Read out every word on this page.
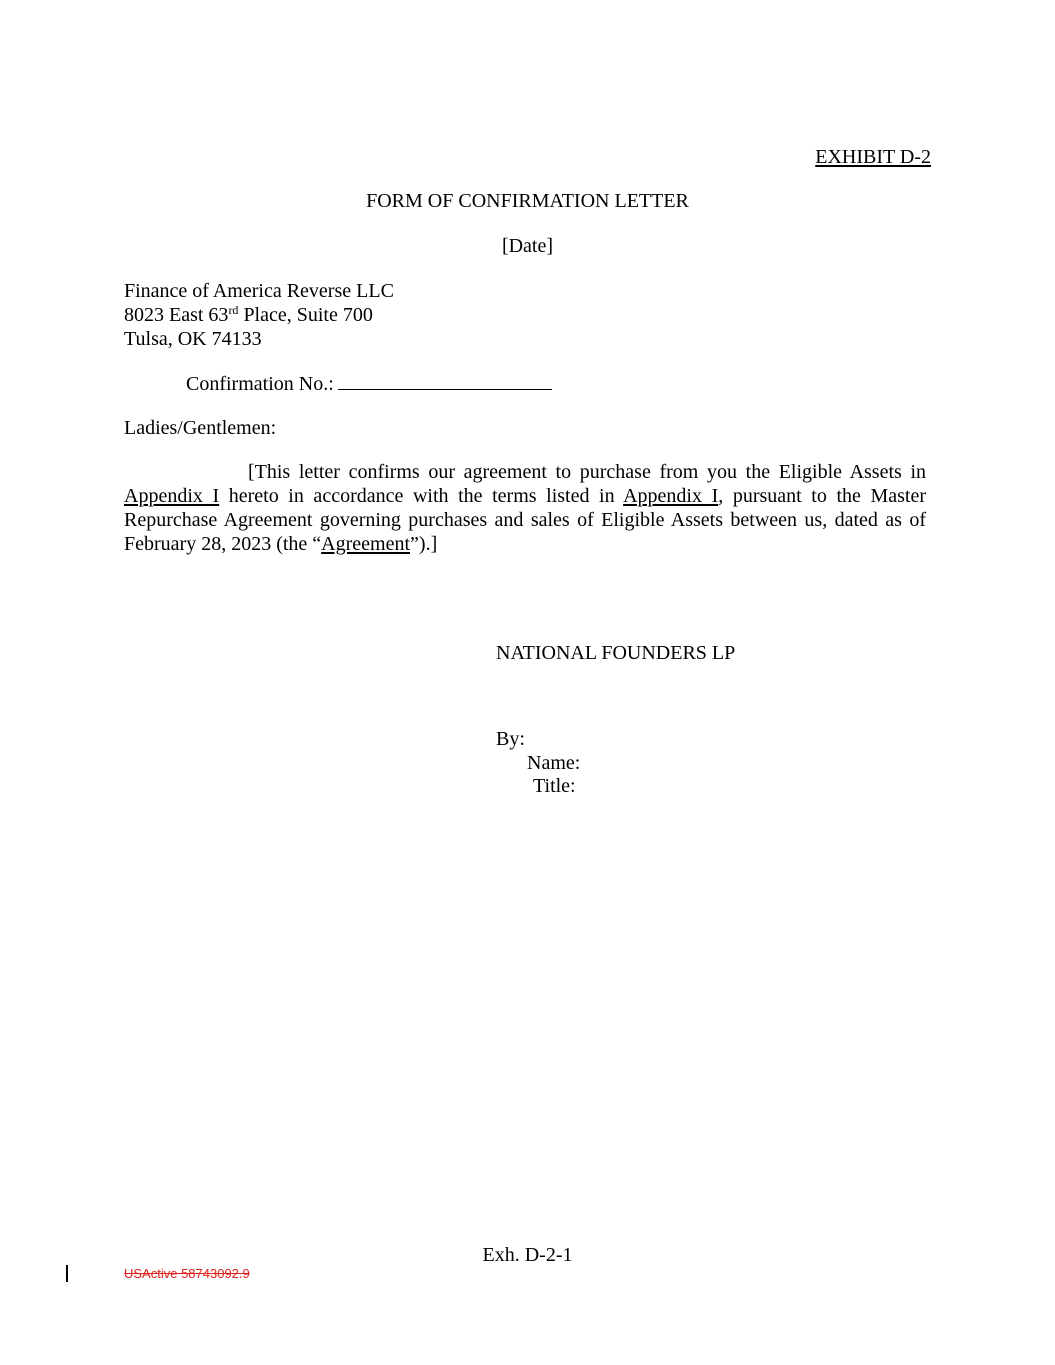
EXHIBIT D-2
FORM OF CONFIRMATION LETTER
[Date]
Finance of America Reverse LLC
8023 East 63rd Place, Suite 700
Tulsa, OK 74133
Confirmation No.:
Ladies/Gentlemen:
[This letter confirms our agreement to purchase from you the Eligible Assets in
Appendix I hereto in accordance with the terms listed in Appendix I, pursuant to the Master
Repurchase Agreement governing purchases and sales of Eligible Assets between us, dated as of
February 28, 2023 (the “Agreement”).]
NATIONAL FOUNDERS LP
By:
Name:
Title:
Exh. D-2-1
USActive 58743092.9
